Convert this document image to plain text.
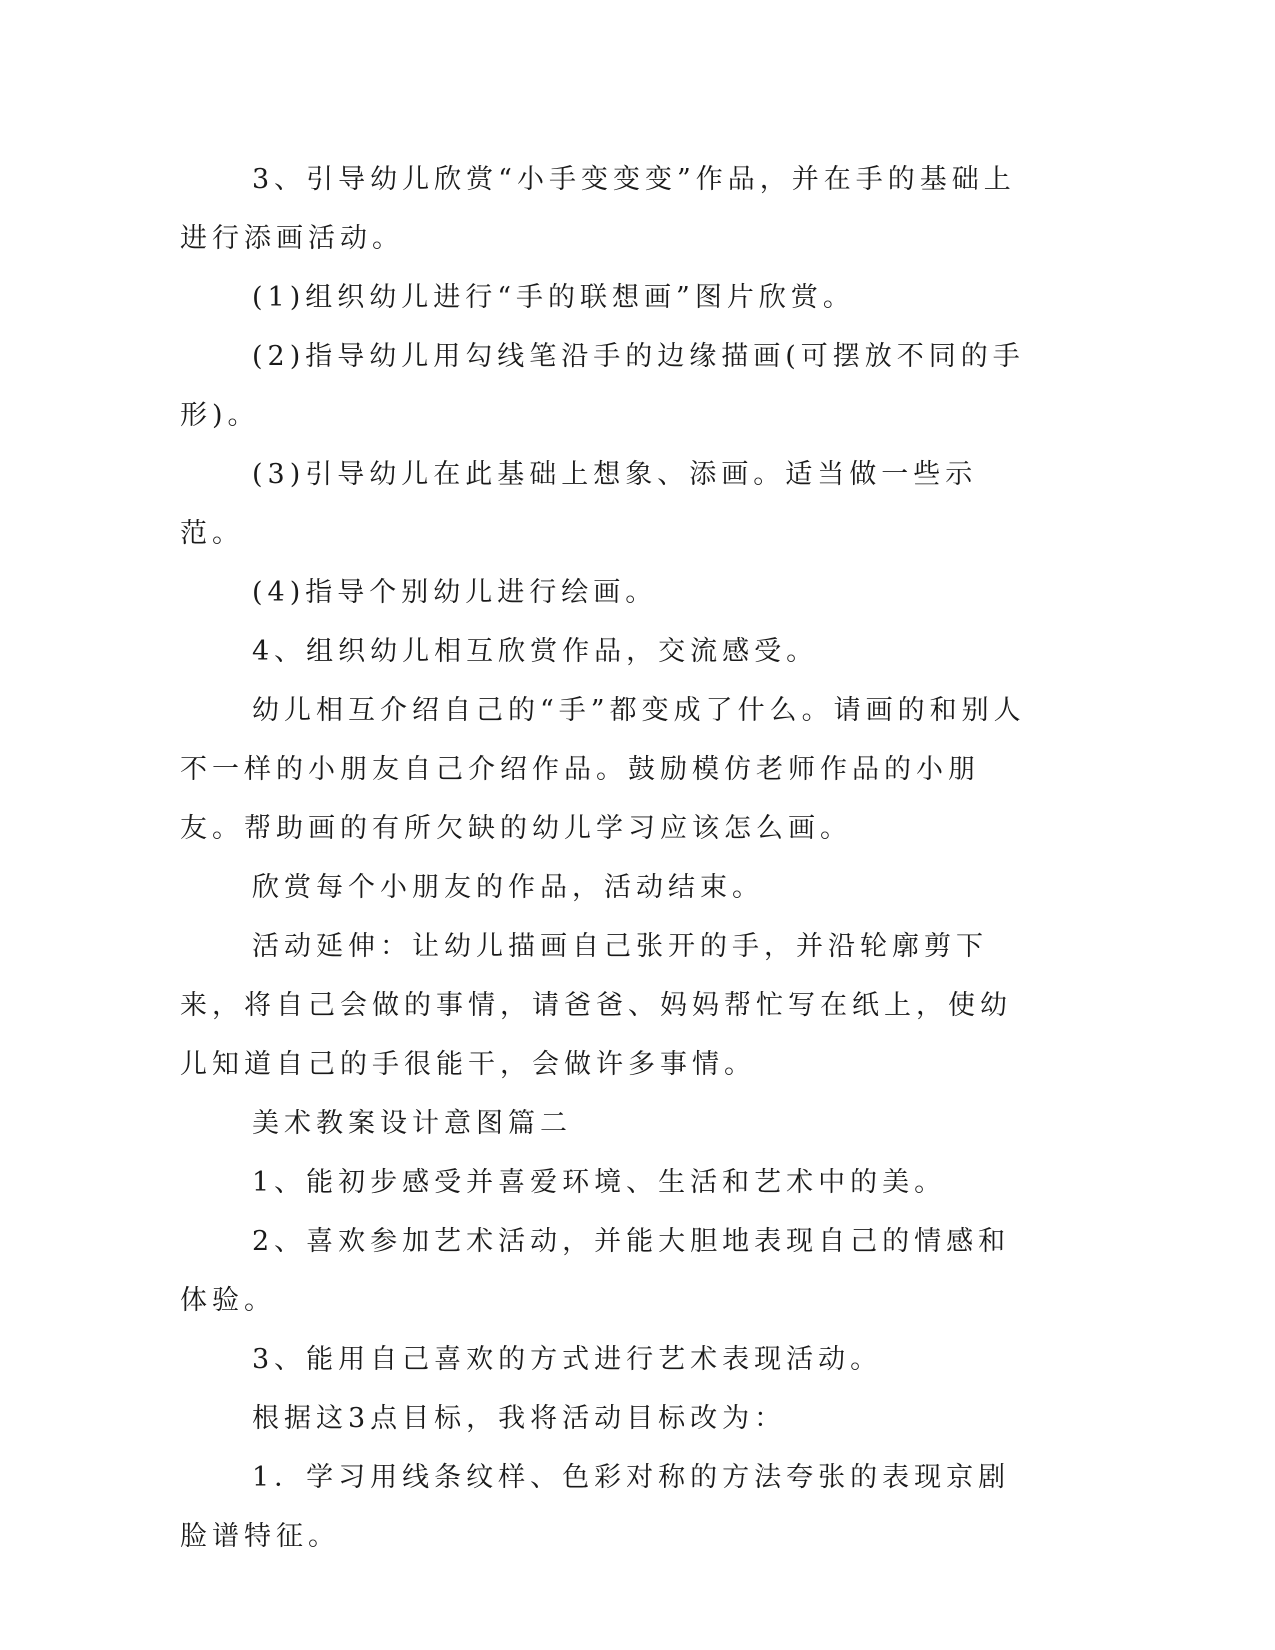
3、引导幼儿欣赏“小手变变变”作品，并在手的基础上进行添画活动。

(1)组织幼儿进行“手的联想画”图片欣赏。

(2)指导幼儿用勾线笔沿手的边缘描画(可摆放不同的手形)。

(3)引导幼儿在此基础上想象、添画。适当做一些示范。

(4)指导个别幼儿进行绘画。

4、组织幼儿相互欣赏作品，交流感受。

幼儿相互介绍自己的“手”都变成了什么。请画的和别人不一样的小朋友自己介绍作品。鼓励模仿老师作品的小朋友。帮助画的有所欠缺的幼儿学习应该怎么画。

欣赏每个小朋友的作品，活动结束。

活动延伸：让幼儿描画自己张开的手，并沿轮廓剪下来，将自己会做的事情，请爸爸、妈妈帮忙写在纸上，使幼儿知道自己的手很能干，会做许多事情。

美术教案设计意图篇二

1、能初步感受并喜爱环境、生活和艺术中的美。

2、喜欢参加艺术活动，并能大胆地表现自己的情感和体验。

3、能用自己喜欢的方式进行艺术表现活动。

根据这3点目标，我将活动目标改为：

1．学习用线条纹样、色彩对称的方法夸张的表现京剧脸谱特征。
